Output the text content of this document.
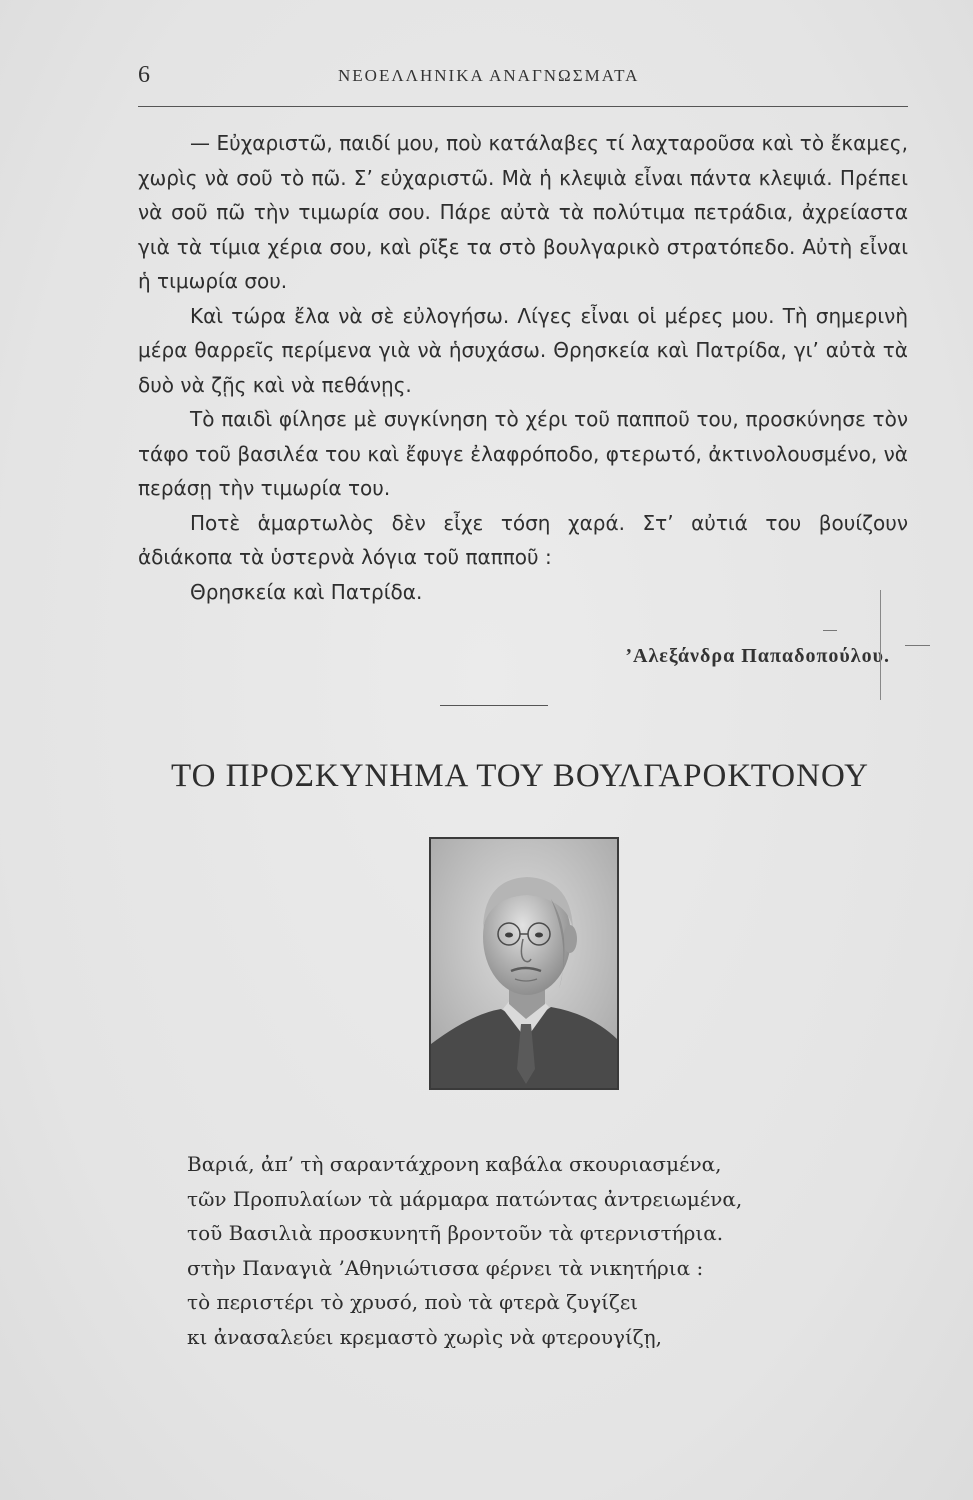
6	ΝΕΟΕΛΛΗΝΙΚΑ ΑΝΑΓΝΩΣΜΑΤΑ

— Εὐχαριστῶ, παιδί μου, ποὺ κατάλαβες τί λαχταροῦσα καὶ τὸ ἔκαμες, χωρὶς νὰ σοῦ τὸ πῶ. Σ’ εὐχαριστῶ. Μὰ ἡ κλεψιὰ εἶναι πάντα κλεψιά. Πρέπει νὰ σοῦ πῶ τὴν τιμωρία σου. Πάρε αὐτὰ τὰ πολύτιμα πετράδια, ἀχρείαστα γιὰ τὰ τίμια χέρια σου, καὶ ρῖξε τα στὸ βουλγαρικὸ στρατόπεδο. Αὐτὴ εἶναι ἡ τιμωρία σου.

Καὶ τώρα ἔλα νὰ σὲ εὐλογήσω. Λίγες εἶναι οἱ μέρες μου. Τὴ σημερινὴ μέρα θαρρεῖς περίμενα γιὰ νὰ ἡσυχάσω. Θρησκεία καὶ Πατρίδα, γι’ αὐτὰ τὰ δυὸ νὰ ζῇς καὶ νὰ πεθάνῃς.

Τὸ παιδὶ φίλησε μὲ συγκίνηση τὸ χέρι τοῦ παπποῦ του, προσκύνησε τὸν τάφο τοῦ βασιλέα του καὶ ἔφυγε ἐλαφρόποδο, φτερωτό, ἀκτινολουσμένο, νὰ περάσῃ τὴν τιμωρία του.

Ποτὲ ἁμαρτωλὸς δὲν εἶχε τόση χαρά. Στ’ αὐτιά του βουίζουν ἀδιάκοπα τὰ ὑστερνὰ λόγια τοῦ παπποῦ :

Θρησκεία καὶ Πατρίδα.

’Αλεξάνδρα Παπαδοπούλου.
ΤΟ ΠΡΟΣΚΥΝΗΜΑ ΤΟΥ ΒΟΥΛΓΑΡΟΚΤΟΝΟΥ
Βαριά, ἀπ’ τὴ σαραντάχρονη καβάλα σκουριασμένα,
τῶν Προπυλαίων τὰ μάρμαρα πατώντας ἀντρειωμένα,
τοῦ Βασιλιὰ προσκυνητῆ βροντοῦν τὰ φτερνιστήρια.
στὴν Παναγιὰ ’Αθηνιώτισσα φέρνει τὰ νικητήρια :
τὸ περιστέρι τὸ χρυσό, ποὺ τὰ φτερὰ ζυγίζει
κι ἀνασαλεύει κρεμαστὸ χωρὶς νὰ φτερουγίζῃ,
